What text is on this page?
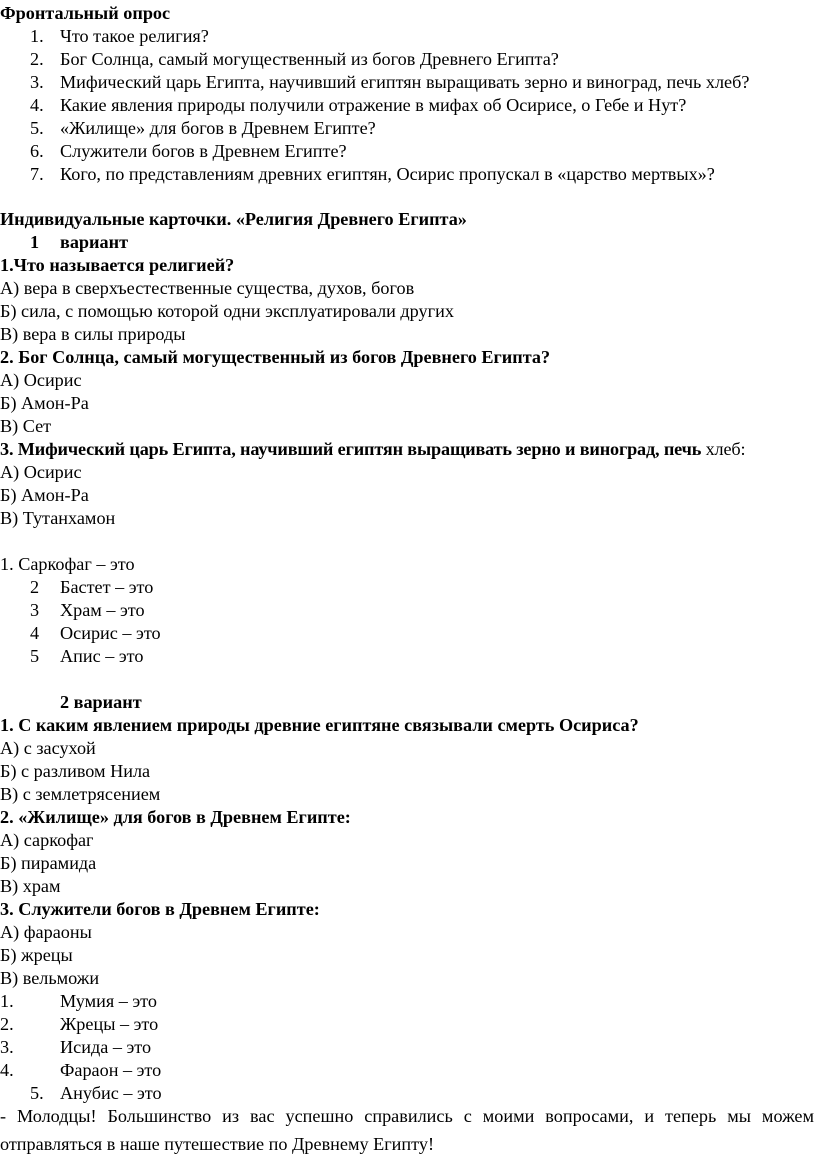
Фронтальный опрос
1. Что такое религия?
2. Бог Солнца, самый могущественный из богов Древнего Египта?
3. Мифический царь Египта, научивший египтян выращивать зерно и виноград, печь хлеб?
4. Какие явления природы получили отражение в мифах об Осирисе, о Гебе и Нут?
5. «Жилище» для богов в Древнем Египте?
6. Служители богов в Древнем Египте?
7. Кого, по представлениям древних египтян, Осирис пропускал в «царство мертвых»?
Индивидуальные карточки. «Религия Древнего Египта»
1 вариант
1.Что называется религией?
А) вера в сверхъестественные существа, духов, богов
Б) сила, с помощью которой одни эксплуатировали других
В) вера в силы природы
2. Бог Солнца, самый могущественный из богов Древнего Египта?
А) Осирис
Б) Амон-Ра
В) Сет
3. Мифический царь Египта, научивший египтян выращивать зерно и виноград, печь хлеб:
А) Осирис
Б) Амон-Ра
В) Тутанхамон
1. Саркофаг – это
2 Бастет – это
3 Храм – это
4 Осирис – это
5 Апис – это
2 вариант
1. С каким явлением природы древние египтяне связывали смерть Осириса?
А) с засухой
Б) с разливом Нила
В) с землетрясением
2. «Жилище» для богов в Древнем Египте:
А) саркофаг
Б) пирамида
В) храм
3. Служители богов в Древнем Египте:
А) фараоны
Б) жрецы
В) вельможи
1.	Мумия – это
2.	Жрецы – это
3.	Исида – это
4.	Фараон – это
5. Анубис – это
- Молодцы! Большинство из вас успешно справились с моими вопросами, и теперь мы можем
отправляться в наше путешествие по Древнему Египту!
